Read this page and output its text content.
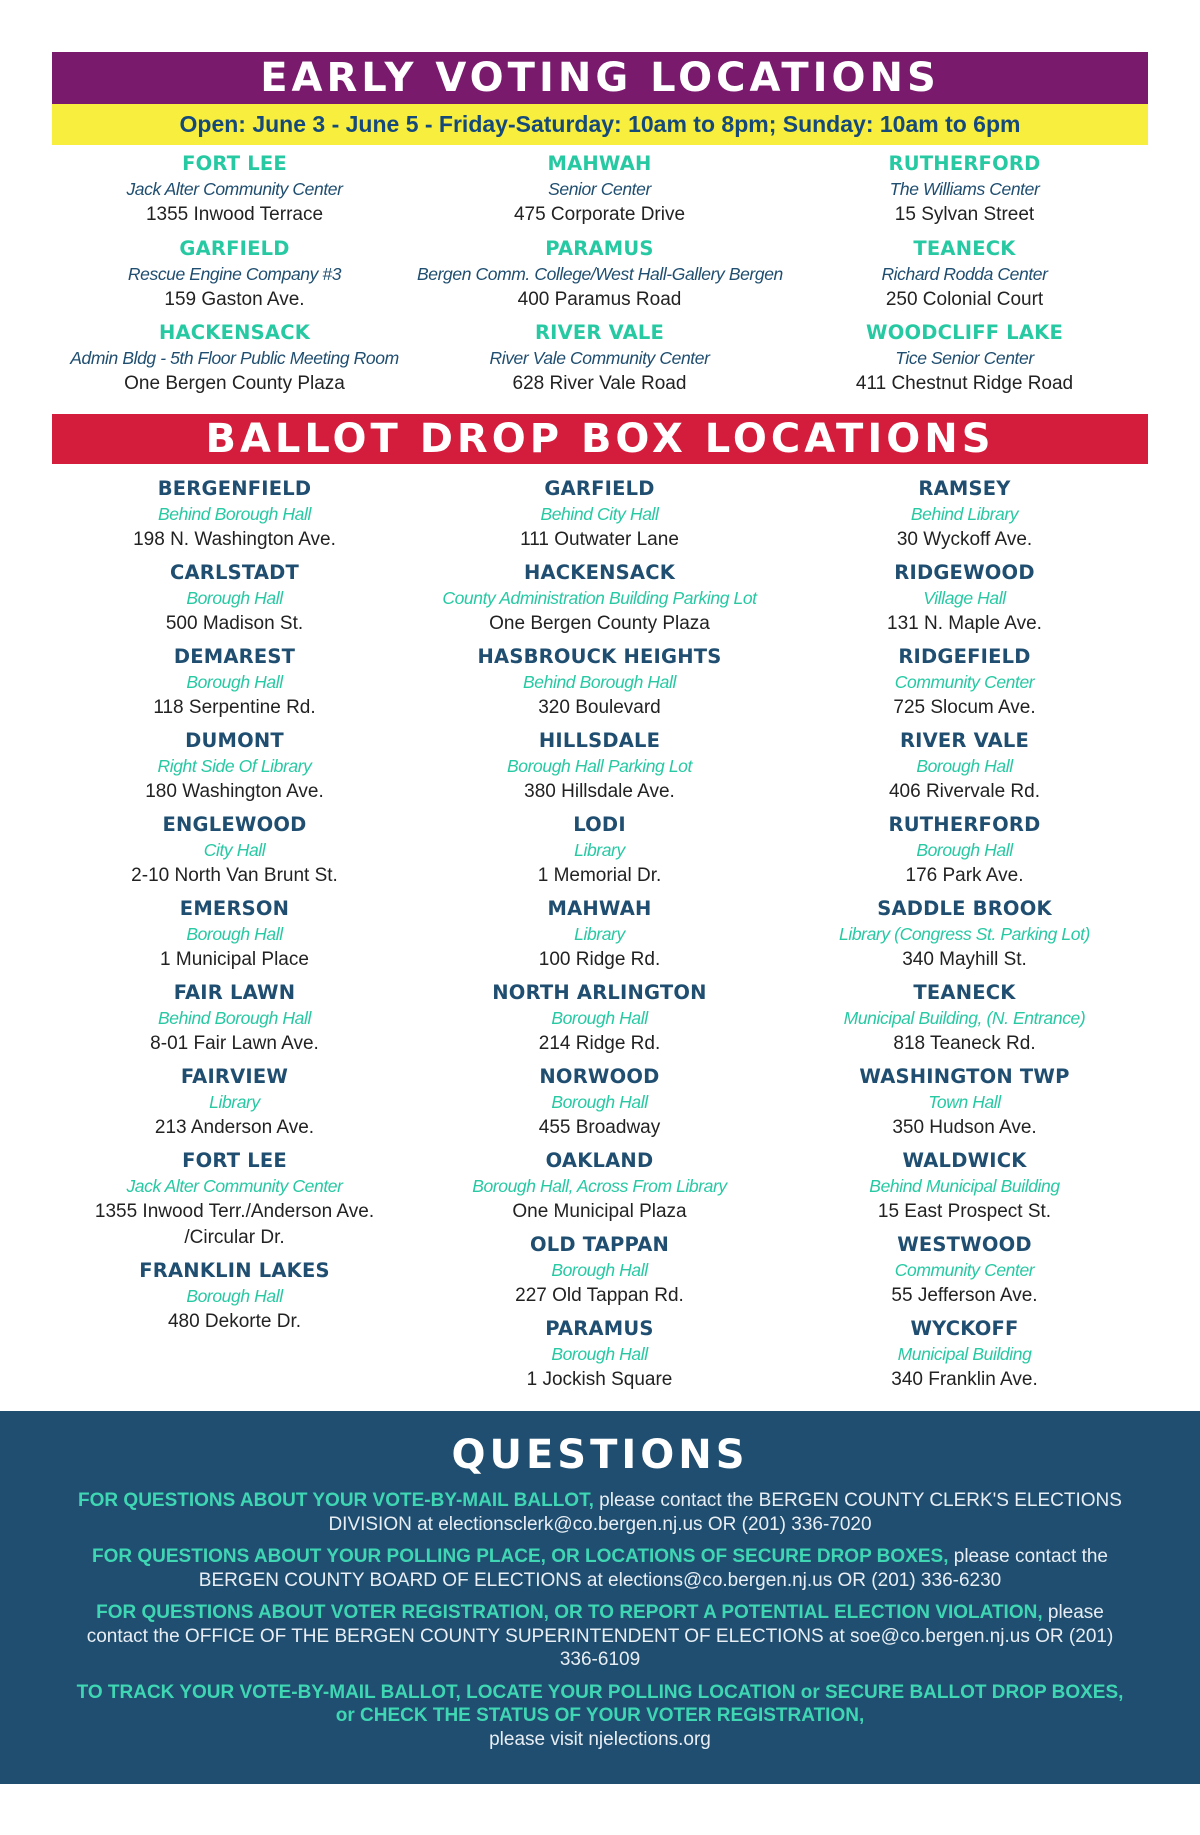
EARLY VOTING LOCATIONS
Open: June 3 - June 5 - Friday-Saturday: 10am to 8pm; Sunday: 10am to 6pm
FORT LEE
Jack Alter Community Center
1355 Inwood Terrace
GARFIELD
Rescue Engine Company #3
159 Gaston Ave.
HACKENSACK
Admin Bldg - 5th Floor Public Meeting Room
One Bergen County Plaza
MAHWAH
Senior Center
475 Corporate Drive
PARAMUS
Bergen Comm. College/West Hall-Gallery Bergen
400 Paramus Road
RIVER VALE
River Vale Community Center
628 River Vale Road
RUTHERFORD
The Williams Center
15 Sylvan Street
TEANECK
Richard Rodda Center
250 Colonial Court
WOODCLIFF LAKE
Tice Senior Center
411 Chestnut Ridge Road
BALLOT DROP BOX LOCATIONS
BERGENFIELD
Behind Borough Hall
198 N. Washington Ave.
CARLSTADT
Borough Hall
500 Madison St.
DEMAREST
Borough Hall
118 Serpentine Rd.
DUMONT
Right Side Of Library
180 Washington Ave.
ENGLEWOOD
City Hall
2-10 North Van Brunt St.
EMERSON
Borough Hall
1 Municipal Place
FAIR LAWN
Behind Borough Hall
8-01 Fair Lawn Ave.
FAIRVIEW
Library
213 Anderson Ave.
FORT LEE
Jack Alter Community Center
1355 Inwood Terr./Anderson Ave.
/Circular Dr.
FRANKLIN LAKES
Borough Hall
480 Dekorte Dr.
GARFIELD
Behind City Hall
111 Outwater Lane
HACKENSACK
County Administration Building Parking Lot
One Bergen County Plaza
HASBROUCK HEIGHTS
Behind Borough Hall
320 Boulevard
HILLSDALE
Borough Hall Parking Lot
380 Hillsdale Ave.
LODI
Library
1 Memorial Dr.
MAHWAH
Library
100 Ridge Rd.
NORTH ARLINGTON
Borough Hall
214 Ridge Rd.
NORWOOD
Borough Hall
455 Broadway
OAKLAND
Borough Hall, Across From Library
One Municipal Plaza
OLD TAPPAN
Borough Hall
227 Old Tappan Rd.
PARAMUS
Borough Hall
1 Jockish Square
RAMSEY
Behind Library
30 Wyckoff Ave.
RIDGEWOOD
Village Hall
131 N. Maple Ave.
RIDGEFIELD
Community Center
725 Slocum Ave.
RIVER VALE
Borough Hall
406 Rivervale Rd.
RUTHERFORD
Borough Hall
176 Park Ave.
SADDLE BROOK
Library (Congress St. Parking Lot)
340 Mayhill St.
TEANECK
Municipal Building, (N. Entrance)
818 Teaneck Rd.
WASHINGTON TWP
Town Hall
350 Hudson Ave.
WALDWICK
Behind Municipal Building
15 East Prospect St.
WESTWOOD
Community Center
55 Jefferson Ave.
WYCKOFF
Municipal Building
340 Franklin Ave.
QUESTIONS
FOR QUESTIONS ABOUT YOUR VOTE-BY-MAIL BALLOT, please contact the BERGEN COUNTY CLERK'S ELECTIONS DIVISION at electionsclerk@co.bergen.nj.us OR (201) 336-7020
FOR QUESTIONS ABOUT YOUR POLLING PLACE, OR LOCATIONS OF SECURE DROP BOXES, please contact the BERGEN COUNTY BOARD OF ELECTIONS at elections@co.bergen.nj.us OR (201) 336-6230
FOR QUESTIONS ABOUT VOTER REGISTRATION, OR TO REPORT A POTENTIAL ELECTION VIOLATION, please contact the OFFICE OF THE BERGEN COUNTY SUPERINTENDENT OF ELECTIONS at soe@co.bergen.nj.us OR (201) 336-6109
TO TRACK YOUR VOTE-BY-MAIL BALLOT, LOCATE YOUR POLLING LOCATION or SECURE BALLOT DROP BOXES, or CHECK THE STATUS OF YOUR VOTER REGISTRATION,
please visit njelections.org
